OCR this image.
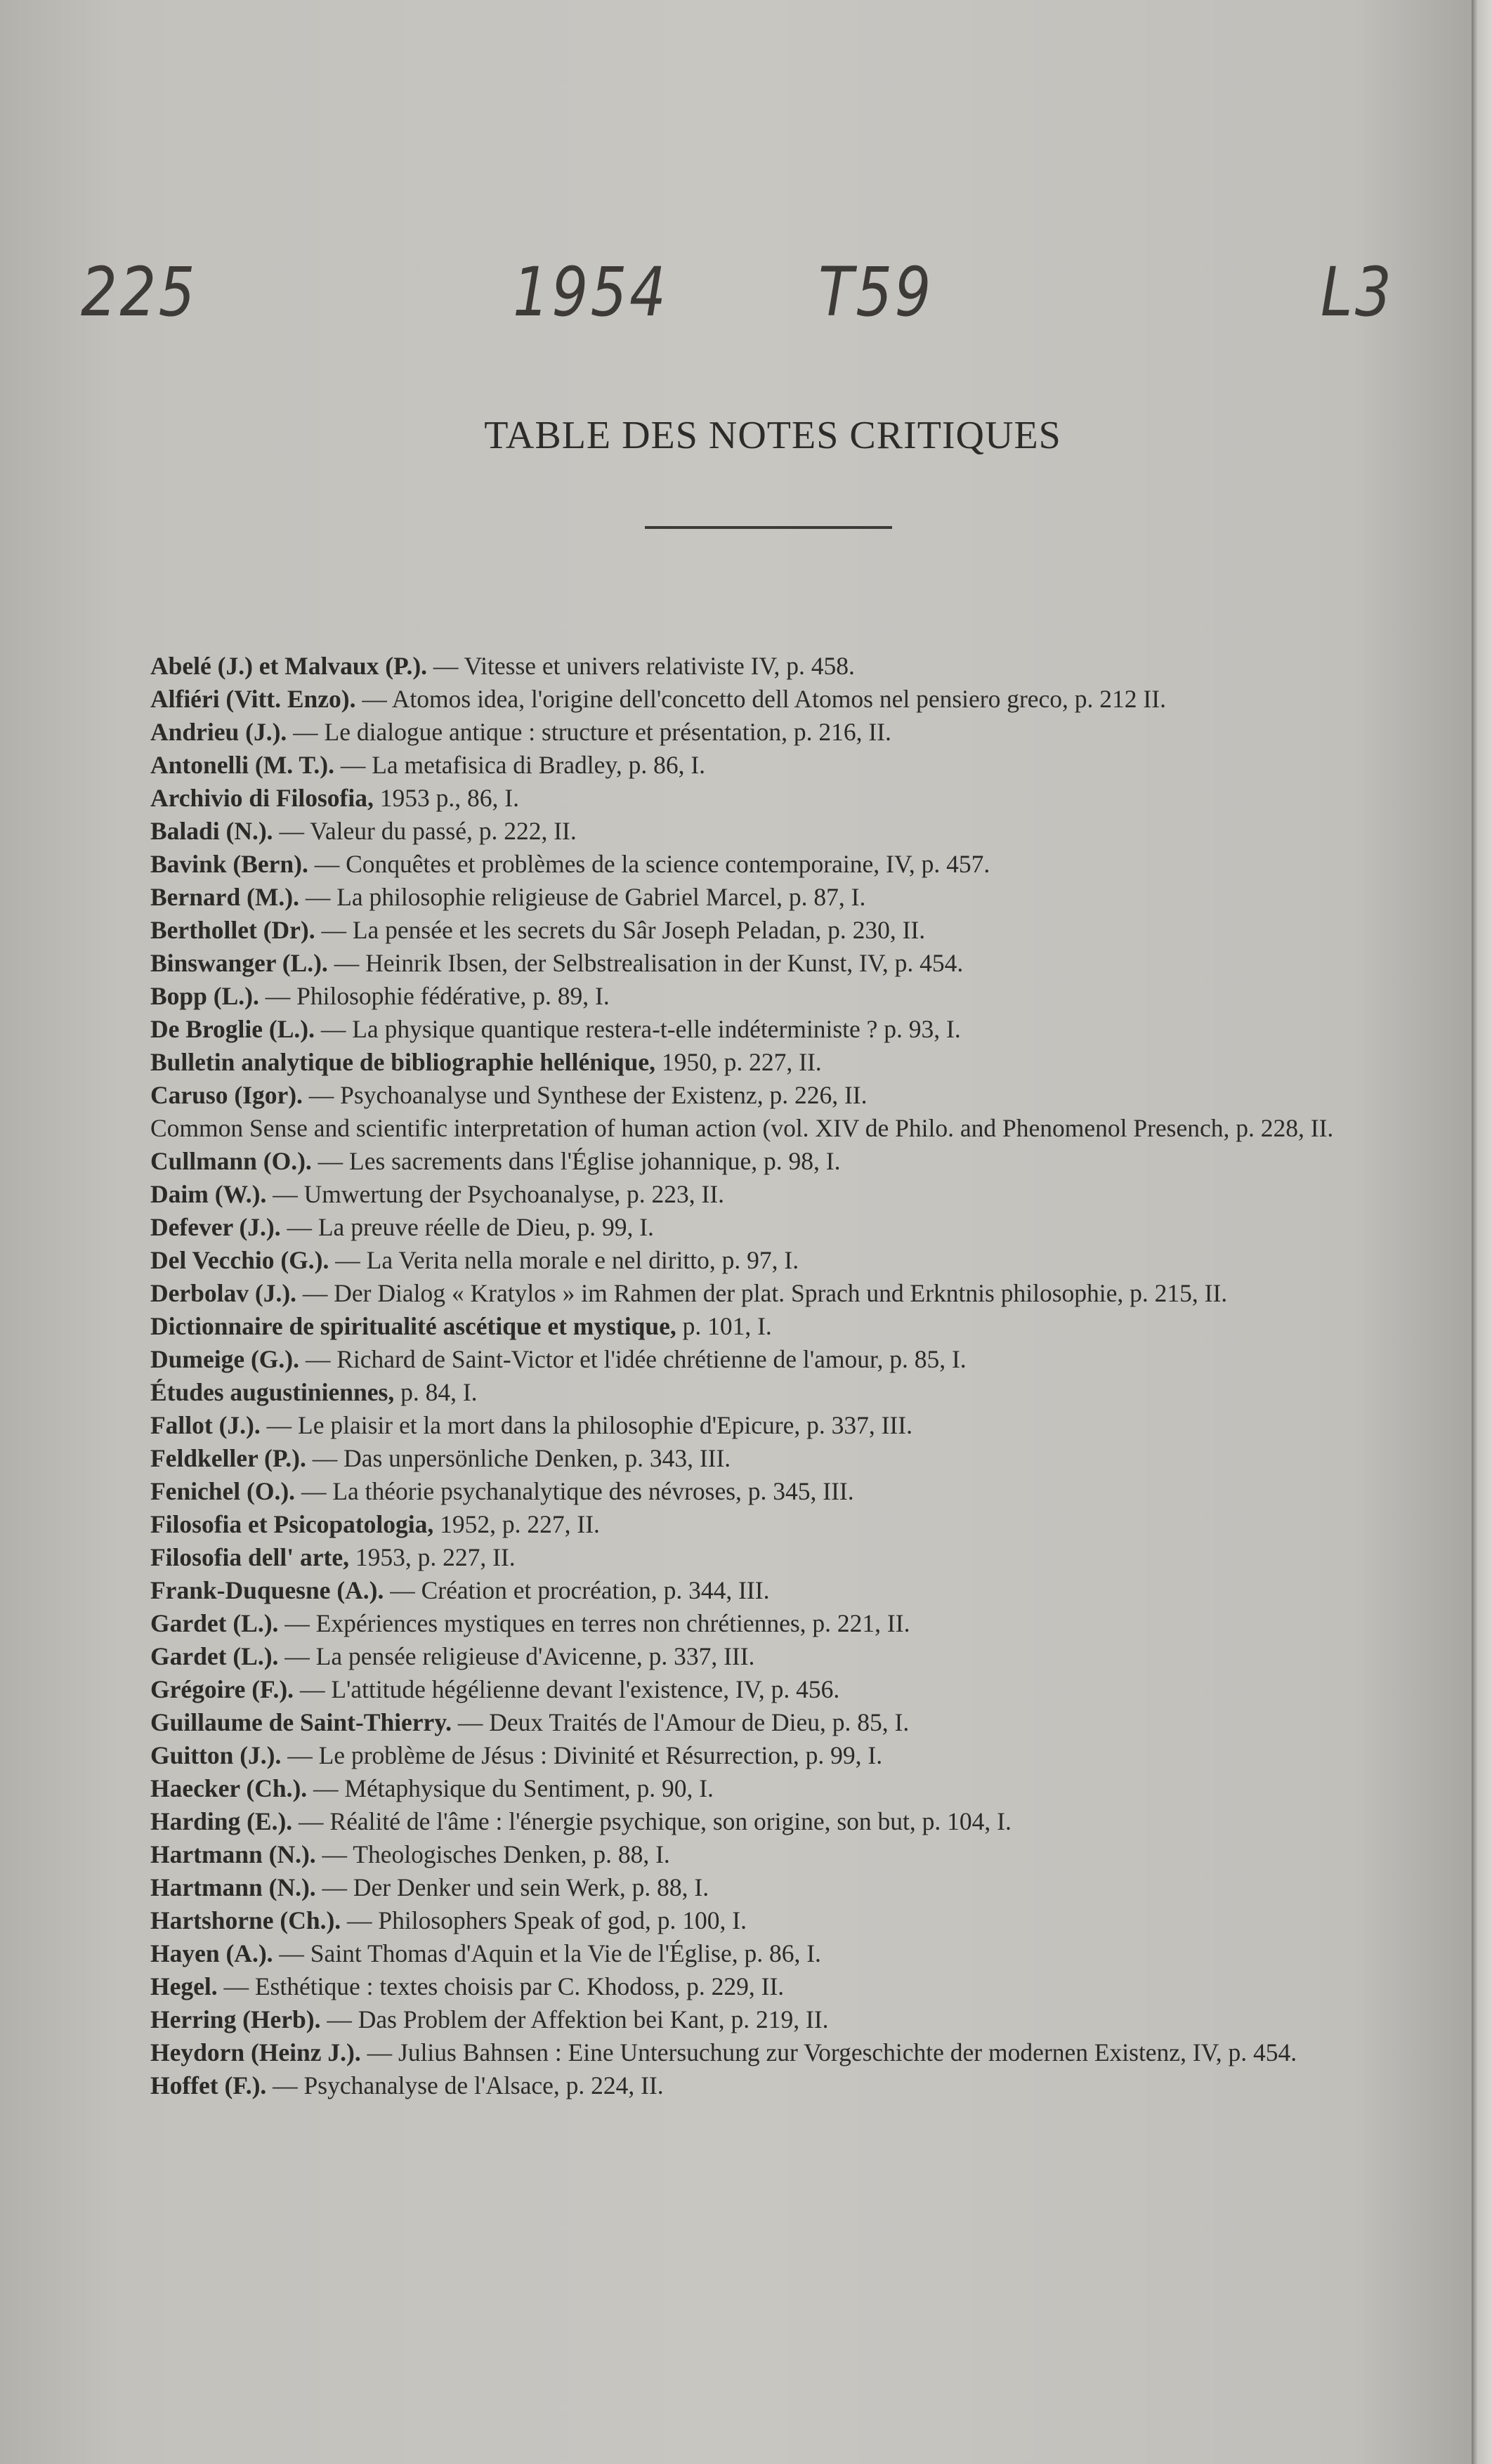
225	1954 T59	L3
TABLE DES NOTES CRITIQUES
Abelé (J.) et Malvaux (P.). — Vitesse et univers relativiste IV, p. 458.
Alfiéri (Vitt. Enzo). — Atomos idea, l'origine dell'concetto dell Atomos nel pensiero greco, p. 212 II.
Andrieu (J.). — Le dialogue antique : structure et présentation, p. 216, II.
Antonelli (M. T.). — La metafisica di Bradley, p. 86, I.
Archivio di Filosofia, 1953 p., 86, I.
Baladi (N.). — Valeur du passé, p. 222, II.
Bavink (Bern). — Conquêtes et problèmes de la science contemporaine, IV, p. 457.
Bernard (M.). — La philosophie religieuse de Gabriel Marcel, p. 87, I.
Berthollet (Dr). — La pensée et les secrets du Sâr Joseph Peladan, p. 230, II.
Binswanger (L.). — Heinrik Ibsen, der Selbstrealisation in der Kunst, IV, p. 454.
Bopp (L.). — Philosophie fédérative, p. 89, I.
De Broglie (L.). — La physique quantique restera-t-elle indéterministe ? p. 93, I.
Bulletin analytique de bibliographie hellénique, 1950, p. 227, II.
Caruso (Igor). — Psychoanalyse und Synthese der Existenz, p. 226, II.
Common Sense and scientific interpretation of human action (vol. XIV de Philo. and Phenomenol Presench, p. 228, II.
Cullmann (O.). — Les sacrements dans l'Église johannique, p. 98, I.
Daim (W.). — Umwertung der Psychoanalyse, p. 223, II.
Defever (J.). — La preuve réelle de Dieu, p. 99, I.
Del Vecchio (G.). — La Verita nella morale e nel diritto, p. 97, I.
Derbolav (J.). — Der Dialog « Kratylos » im Rahmen der plat. Sprach und Erkntnis philosophie, p. 215, II.
Dictionnaire de spiritualité ascétique et mystique, p. 101, I.
Dumeige (G.). — Richard de Saint-Victor et l'idée chrétienne de l'amour, p. 85, I.
Études augustiniennes, p. 84, I.
Fallot (J.). — Le plaisir et la mort dans la philosophie d'Epicure, p. 337, III.
Feldkeller (P.). — Das unpersönliche Denken, p. 343, III.
Fenichel (O.). — La théorie psychanalytique des névroses, p. 345, III.
Filosofia et Psicopatologia, 1952, p. 227, II.
Filosofia dell' arte, 1953, p. 227, II.
Frank-Duquesne (A.). — Création et procréation, p. 344, III.
Gardet (L.). — Expériences mystiques en terres non chrétiennes, p. 221, II.
Gardet (L.). — La pensée religieuse d'Avicenne, p. 337, III.
Grégoire (F.). — L'attitude hégélienne devant l'existence, IV, p. 456.
Guillaume de Saint-Thierry. — Deux Traités de l'Amour de Dieu, p. 85, I.
Guitton (J.). — Le problème de Jésus : Divinité et Résurrection, p. 99, I.
Haecker (Ch.). — Métaphysique du Sentiment, p. 90, I.
Harding (E.). — Réalité de l'âme : l'énergie psychique, son origine, son but, p. 104, I.
Hartmann (N.). — Theologisches Denken, p. 88, I.
Hartmann (N.). — Der Denker und sein Werk, p. 88, I.
Hartshorne (Ch.). — Philosophers Speak of god, p. 100, I.
Hayen (A.). — Saint Thomas d'Aquin et la Vie de l'Église, p. 86, I.
Hegel. — Esthétique : textes choisis par C. Khodoss, p. 229, II.
Herring (Herb). — Das Problem der Affektion bei Kant, p. 219, II.
Heydorn (Heinz J.). — Julius Bahnsen : Eine Untersuchung zur Vorgeschichte der modernen Existenz, IV, p. 454.
Hoffet (F.). — Psychanalyse de l'Alsace, p. 224, II.
